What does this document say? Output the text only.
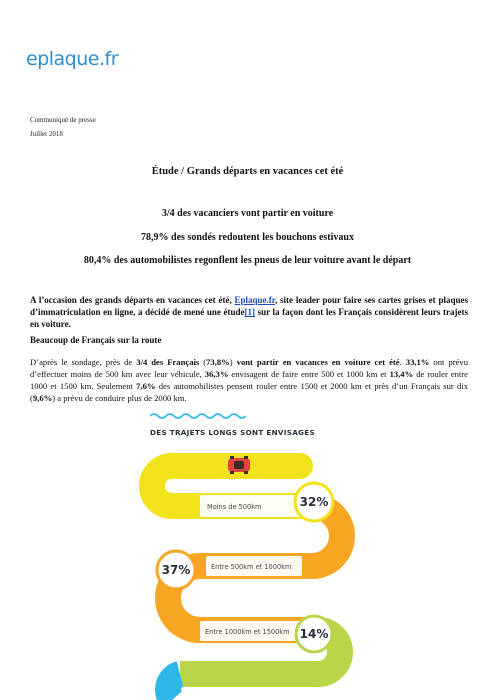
eplaque.fr
Communiqué de presse
Juillet 2018
Étude / Grands départs en vacances cet été
3/4 des vacanciers vont partir en voiture
78,9% des sondés redoutent les bouchons estivaux
80,4% des automobilistes regonflent les pneus de leur voiture avant le départ
A l’occasion des grands départs en vacances cet été, Eplaque.fr, site leader pour faire ses cartes grises et plaques d’immatriculation en ligne, a décidé de mené une étude[1] sur la façon dont les Français considèrent leurs trajets en voiture.
Beaucoup de Français sur la route
D’après le sondage, près de 3/4 des Français (73,8%) vont partir en vacances en voiture cet été. 33,1% ont prévu d’effectuer moins de 500 km avec leur véhicule, 36,3% envisagent de faire entre 500 et 1000 km et 13,4% de rouler entre 1000 et 1500 km. Seulement 7,6% des automobilistes pensent rouler entre 1500 et 2000 km et près d’un Français sur dix (9,6%) a prévu de conduire plus de 2000 km.
DES TRAJETS LONGS SONT ENVISAGÉS
Moins de 500km
Entre 500km et 1000km
Entre 1000km et 1500km
32%
37%
14%
